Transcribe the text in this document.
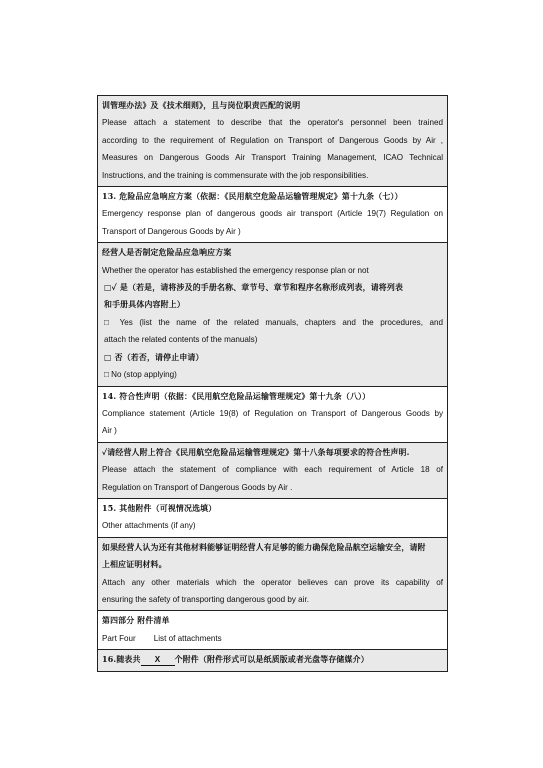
训管理办法》及《技术细则》，且与岗位职责匹配的说明
Please attach a statement to describe that the operator's personnel been trained
according to the requirement of Regulation on Transport of Dangerous Goods by Air ,
Measures on Dangerous Goods Air Transport Training Management, ICAO Technical
Instructions, and the training is commensurate with the job responsibilities.
13. 危险品应急响应方案（依据：《民用航空危险品运输管理规定》第十九条（七））
Emergency response plan of dangerous goods air transport (Article 19(7) Regulation on
Transport of Dangerous Goods by Air )
经营人是否制定危险品应急响应方案
Whether the operator has established the emergency response plan or not
□✓ 是（若是，请将涉及的手册名称、章节号、章节和程序名称形成列表，请将列表
和手册具体内容附上）
□ Yes (list the name of the related manuals, chapters and the procedures, and
attach the related contents of the manuals)
□ 否（若否，请停止申请）
□ No (stop applying)
14. 符合性声明（依据：《民用航空危险品运输管理规定》第十九条（八））
Compliance statement (Article 19(8) of Regulation on Transport of Dangerous Goods by
Air )
✓请经营人附上符合《民用航空危险品运输管理规定》第十八条每项要求的符合性声明.
Please attach the statement of compliance with each requirement of Article 18 of
Regulation on Transport of Dangerous Goods by Air .
15. 其他附件（可视情况选填）
Other attachments (if any)
如果经营人认为还有其他材料能够证明经营人有足够的能力确保危险品航空运输安全，请附
上相应证明材料。
Attach any other materials which the operator believes can prove its capability of
ensuring the safety of transporting dangerous good by air.
第四部分 附件清单
Part Four List of attachments
16.随表共 X 个附件（附件形式可以是纸质版或者光盘等存储媒介）
